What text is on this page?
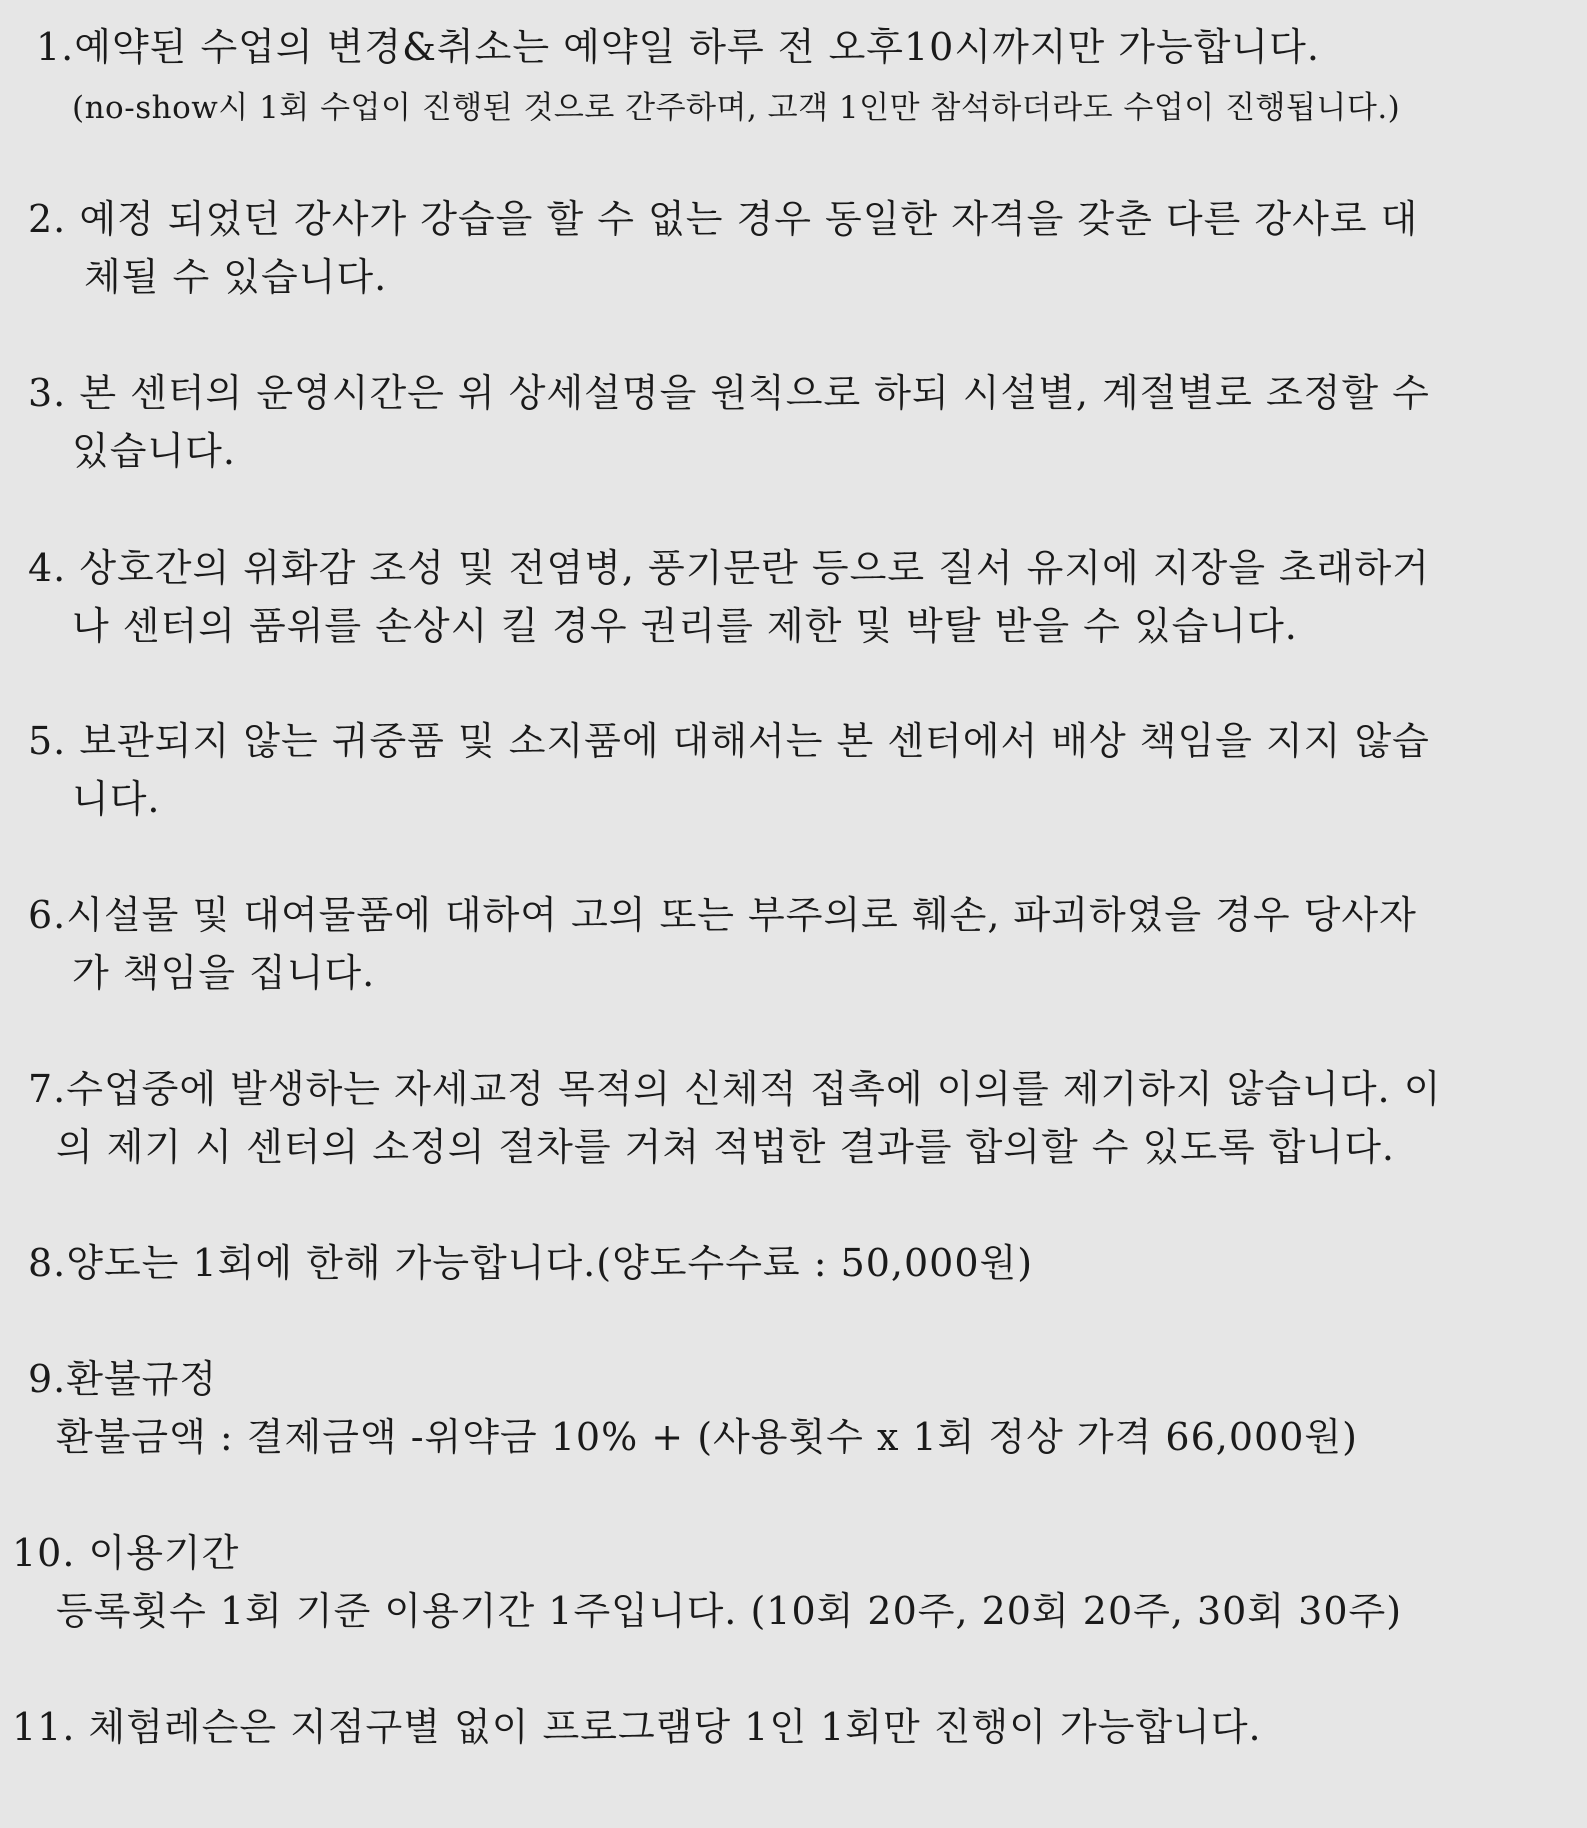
1.예약된 수업의 변경&취소는 예약일 하루 전 오후10시까지만 가능합니다.
(no-show시 1회 수업이 진행된 것으로 간주하며, 고객 1인만 참석하더라도 수업이 진행됩니다.)
2. 예정 되었던 강사가 강습을 할 수 없는 경우 동일한 자격을 갖춘 다른 강사로 대
체될 수 있습니다.
3. 본 센터의 운영시간은 위 상세설명을 원칙으로 하되 시설별, 계절별로 조정할 수
있습니다.
4. 상호간의 위화감 조성 및 전염병, 풍기문란 등으로 질서 유지에 지장을 초래하거
나 센터의 품위를 손상시 킬 경우 권리를 제한 및 박탈 받을 수 있습니다.
5. 보관되지 않는 귀중품 및 소지품에 대해서는 본 센터에서 배상 책임을 지지 않습
니다.
6.시설물 및 대여물품에 대하여 고의 또는 부주의로 훼손, 파괴하였을 경우 당사자
가 책임을 집니다.
7.수업중에 발생하는 자세교정 목적의 신체적 접촉에 이의를 제기하지 않습니다. 이
의 제기 시 센터의 소정의 절차를 거쳐 적법한 결과를 합의할 수 있도록 합니다.
8.양도는 1회에 한해 가능합니다.(양도수수료 : 50,000원)
9.환불규정
환불금액 : 결제금액 -위약금 10% + (사용횟수 x 1회 정상 가격 66,000원)
10. 이용기간
등록횟수 1회 기준 이용기간 1주입니다. (10회 20주, 20회 20주, 30회 30주)
11. 체험레슨은 지점구별 없이 프로그램당 1인 1회만 진행이 가능합니다.
